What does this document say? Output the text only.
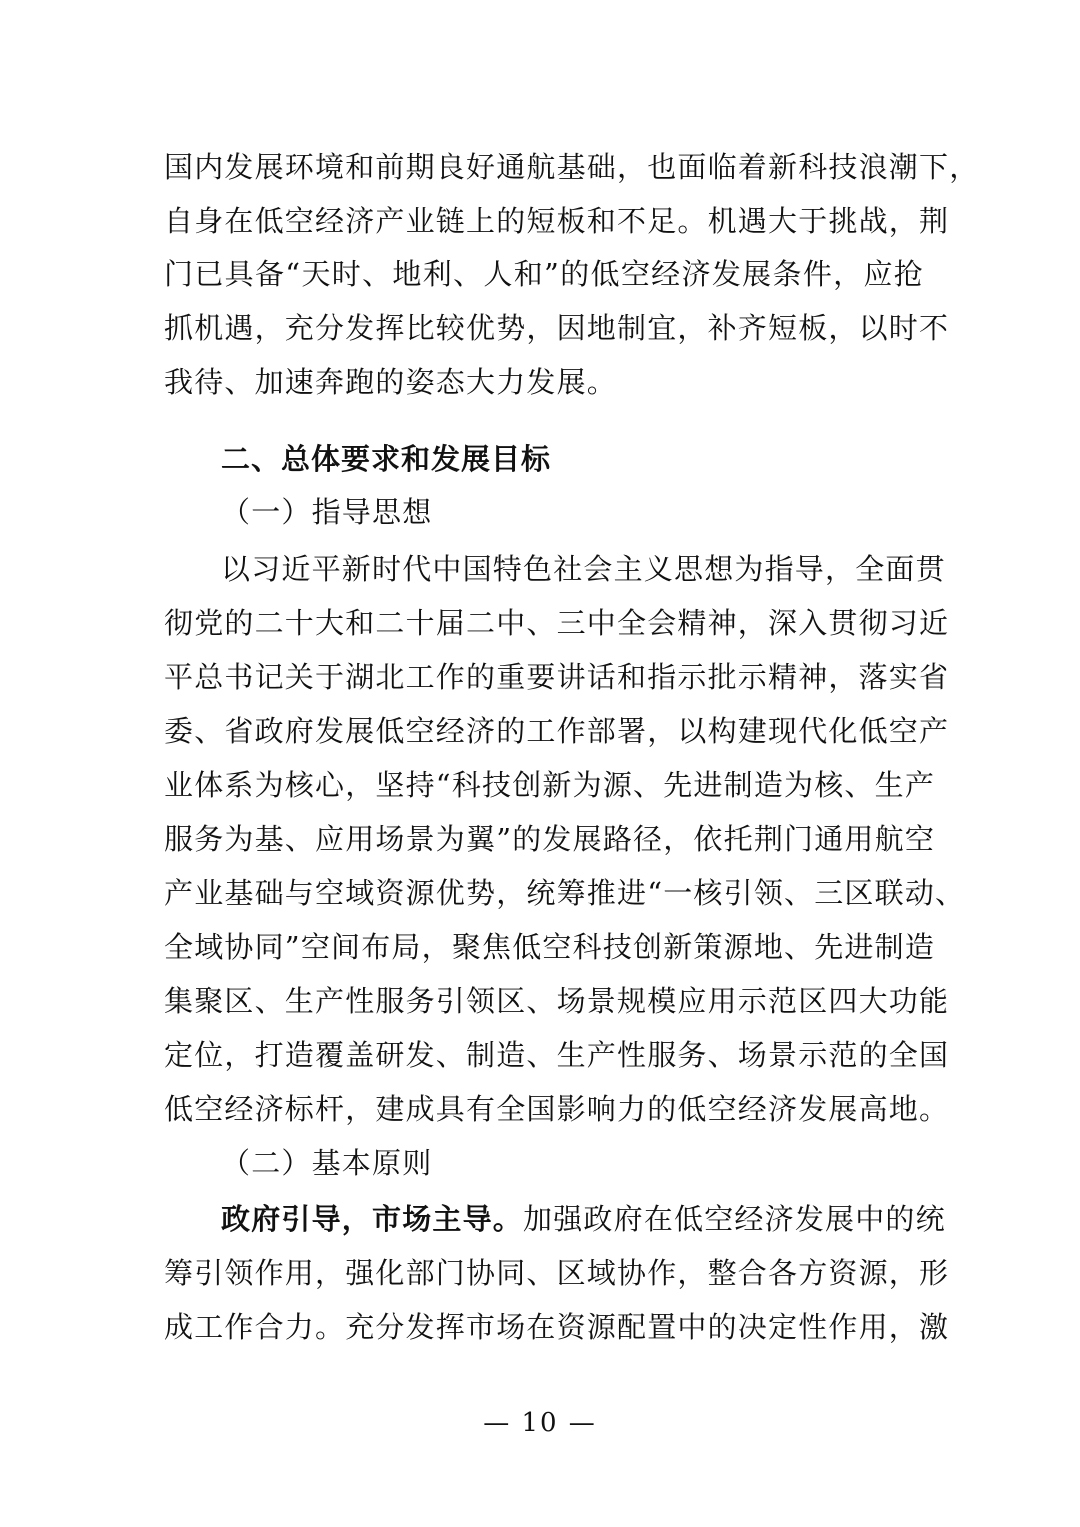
国内发展环境和前期良好通航基础，也面临着新科技浪潮下，
自身在低空经济产业链上的短板和不足。机遇大于挑战，荆
门已具备“天时、地利、人和”的低空经济发展条件，应抢
抓机遇，充分发挥比较优势，因地制宜，补齐短板，以时不
我待、加速奔跑的姿态大力发展。
二、总体要求和发展目标
（一）指导思想
以习近平新时代中国特色社会主义思想为指导，全面贯
彻党的二十大和二十届二中、三中全会精神，深入贯彻习近
平总书记关于湖北工作的重要讲话和指示批示精神，落实省
委、省政府发展低空经济的工作部署，以构建现代化低空产
业体系为核心，坚持“科技创新为源、先进制造为核、生产
服务为基、应用场景为翼”的发展路径，依托荆门通用航空
产业基础与空域资源优势，统筹推进“一核引领、三区联动、
全域协同”空间布局，聚焦低空科技创新策源地、先进制造
集聚区、生产性服务引领区、场景规模应用示范区四大功能
定位，打造覆盖研发、制造、生产性服务、场景示范的全国
低空经济标杆，建成具有全国影响力的低空经济发展高地。
（二）基本原则
政府引导，市场主导。 加强政府在低空经济发展中的统
筹引领作用，强化部门协同、区域协作，整合各方资源，形
成工作合力。充分发挥市场在资源配置中的决定性作用，激
— 10 —
